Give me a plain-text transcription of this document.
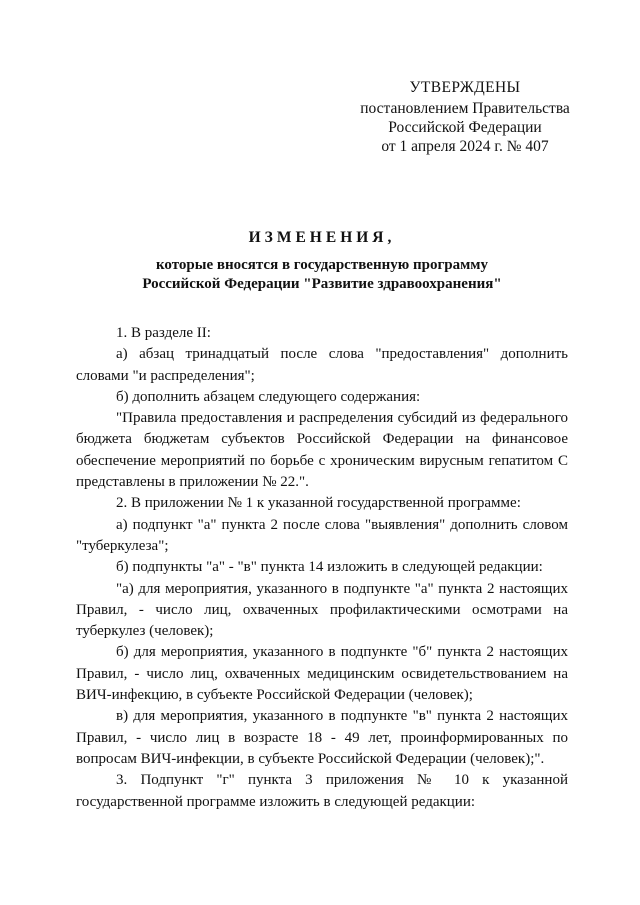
УТВЕРЖДЕНЫ
постановлением Правительства
Российской Федерации
от 1 апреля 2024 г. № 407
ИЗМЕНЕНИЯ,
которые вносятся в государственную программу
Российской Федерации "Развитие здравоохранения"

1. В разделе II:

а) абзац тринадцатый после слова "предоставления" дополнить словами "и распределения";

б) дополнить абзацем следующего содержания:

"Правила предоставления и распределения субсидий из федерального бюджета бюджетам субъектов Российской Федерации на финансовое обеспечение мероприятий по борьбе с хроническим вирусным гепатитом С представлены в приложении № 22.".

2. В приложении № 1 к указанной государственной программе:

а) подпункт "а" пункта 2 после слова "выявления" дополнить словом "туберкулеза";

б) подпункты "а" - "в" пункта 14 изложить в следующей редакции:

"а) для мероприятия, указанного в подпункте "а" пункта 2 настоящих Правил, - число лиц, охваченных профилактическими осмотрами на туберкулез (человек);

б) для мероприятия, указанного в подпункте "б" пункта 2 настоящих Правил, - число лиц, охваченных медицинским освидетельствованием на ВИЧ-инфекцию, в субъекте Российской Федерации (человек);

в) для мероприятия, указанного в подпункте "в" пункта 2 настоящих Правил, - число лиц в возрасте 18 - 49 лет, проинформированных по вопросам ВИЧ-инфекции, в субъекте Российской Федерации (человек);".

3. Подпункт "г" пункта 3 приложения № 10 к указанной государственной программе изложить в следующей редакции:
